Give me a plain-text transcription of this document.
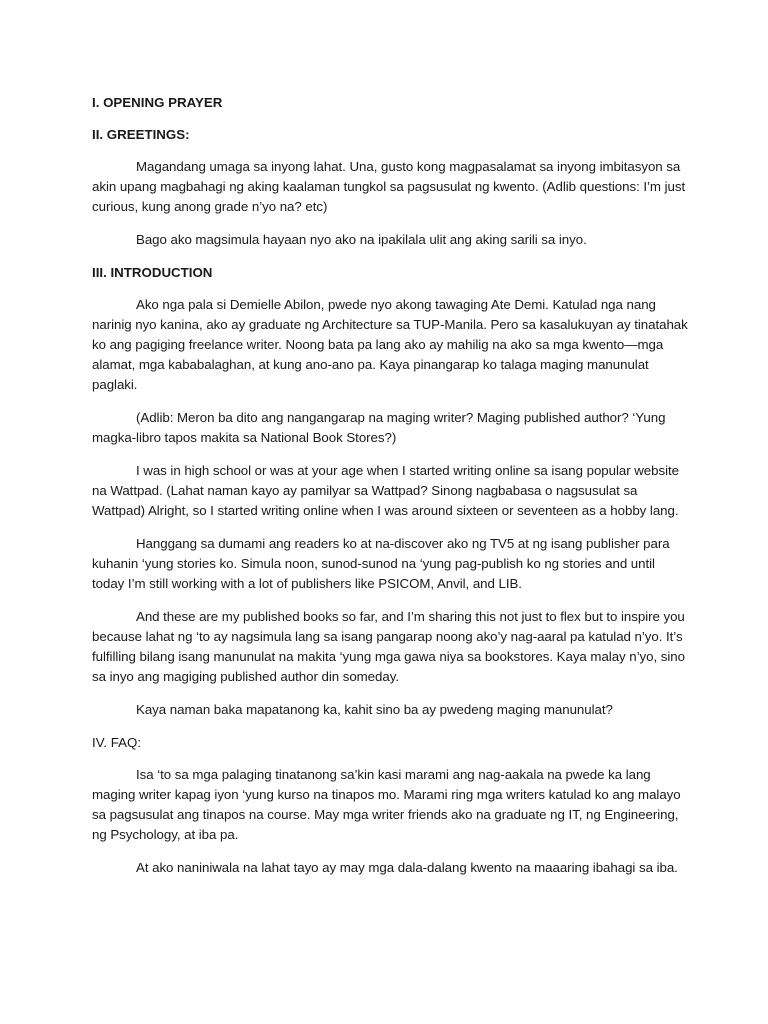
I. OPENING PRAYER

II. GREETINGS:

Magandang umaga sa inyong lahat. Una, gusto kong magpasalamat sa inyong imbitasyon sa akin upang magbahagi ng aking kaalaman tungkol sa pagsusulat ng kwento. (Adlib questions: I’m just curious, kung anong grade n’yo na? etc)

Bago ako magsimula hayaan nyo ako na ipakilala ulit ang aking sarili sa inyo.

III. INTRODUCTION

Ako nga pala si Demielle Abilon, pwede nyo akong tawaging Ate Demi. Katulad nga nang narinig nyo kanina, ako ay graduate ng Architecture sa TUP-Manila. Pero sa kasalukuyan ay tinatahak ko ang pagiging freelance writer. Noong bata pa lang ako ay mahilig na ako sa mga kwento—mga alamat, mga kababalaghan, at kung ano-ano pa. Kaya pinangarap ko talaga maging manunulat paglaki.

(Adlib: Meron ba dito ang nangangarap na maging writer? Maging published author? ‘Yung magka-libro tapos makita sa National Book Stores?)

I was in high school or was at your age when I started writing online sa isang popular website na Wattpad. (Lahat naman kayo ay pamilyar sa Wattpad? Sinong nagbabasa o nagsusulat sa Wattpad) Alright, so I started writing online when I was around sixteen or seventeen as a hobby lang.

Hanggang sa dumami ang readers ko at na-discover ako ng TV5 at ng isang publisher para kuhanin ‘yung stories ko. Simula noon, sunod-sunod na ‘yung pag-publish ko ng stories and until today I’m still working with a lot of publishers like PSICOM, Anvil, and LIB.

And these are my published books so far, and I’m sharing this not just to flex but to inspire you because lahat ng ‘to ay nagsimula lang sa isang pangarap noong ako’y nag-aaral pa katulad n’yo. It’s fulfilling bilang isang manunulat na makita ‘yung mga gawa niya sa bookstores. Kaya malay n’yo, sino sa inyo ang magiging published author din someday.

Kaya naman baka mapatanong ka, kahit sino ba ay pwedeng maging manunulat?

IV. FAQ:

Isa ‘to sa mga palaging tinatanong sa’kin kasi marami ang nag-aakala na pwede ka lang maging writer kapag iyon ‘yung kurso na tinapos mo. Marami ring mga writers katulad ko ang malayo sa pagsusulat ang tinapos na course. May mga writer friends ako na graduate ng IT, ng Engineering, ng Psychology, at iba pa.

At ako naniniwala na lahat tayo ay may mga dala-dalang kwento na maaaring ibahagi sa iba.
